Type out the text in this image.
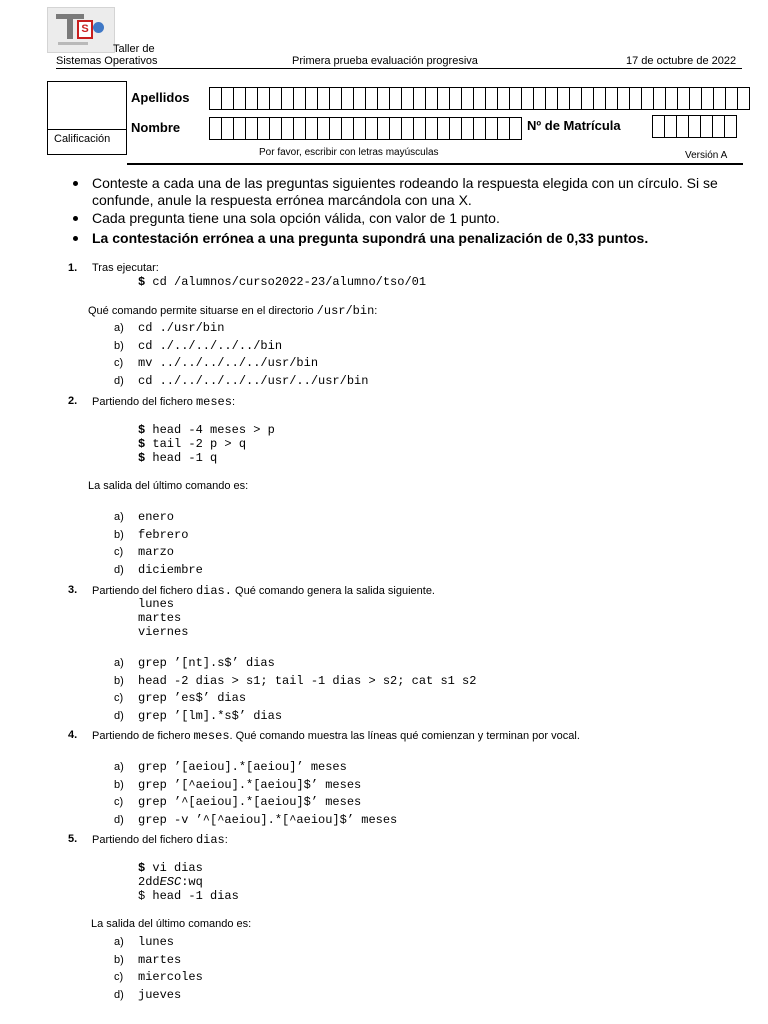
S
Taller de
Sistemas Operativos	Primera prueba evaluación progresiva	17 de octubre de 2022
Calificación
Apellidos
Nombre	Nº de Matrícula
Por favor, escribir con letras mayúsculas	Versión A
Conteste a cada una de las preguntas siguientes rodeando la respuesta elegida con un círculo. Si se confunde, anule la respuesta errónea marcándola con una X.
Cada pregunta tiene una sola opción válida, con valor de 1 punto.
La contestación errónea a una pregunta supondrá una penalización de 0,33 puntos.
1. Tras ejecutar:
$ cd /alumnos/curso2022-23/alumno/tso/01
Qué comando permite situarse en el directorio /usr/bin:
a) cd ./usr/bin
b) cd ./../../../../bin
c) mv ../../../../../usr/bin
d) cd ../../../../../usr/../usr/bin
2. Partiendo del fichero meses:
$ head -4 meses > p
$ tail -2 p > q
$ head -1 q
La salida del último comando es:
a) enero
b) febrero
c) marzo
d) diciembre
3. Partiendo del fichero dias. Qué comando genera la salida siguiente.
lunes
martes
viernes
a) grep ’[nt].s$’ dias
b) head -2 dias > s1; tail -1 dias > s2; cat s1 s2
c) grep ’es$’ dias
d) grep ’[lm].*s$’ dias
4. Partiendo de fichero meses. Qué comando muestra las líneas qué comienzan y terminan por vocal.
a) grep ’[aeiou].*[aeiou]’ meses
b) grep ’[^aeiou].*[aeiou]$’ meses
c) grep ’^[aeiou].*[aeiou]$’ meses
d) grep -v ’^[^aeiou].*[^aeiou]$’ meses
5. Partiendo del fichero dias:
$ vi dias
2ddESC:wq
$ head -1 dias
La salida del último comando es:
a) lunes
b) martes
c) miercoles
d) jueves
